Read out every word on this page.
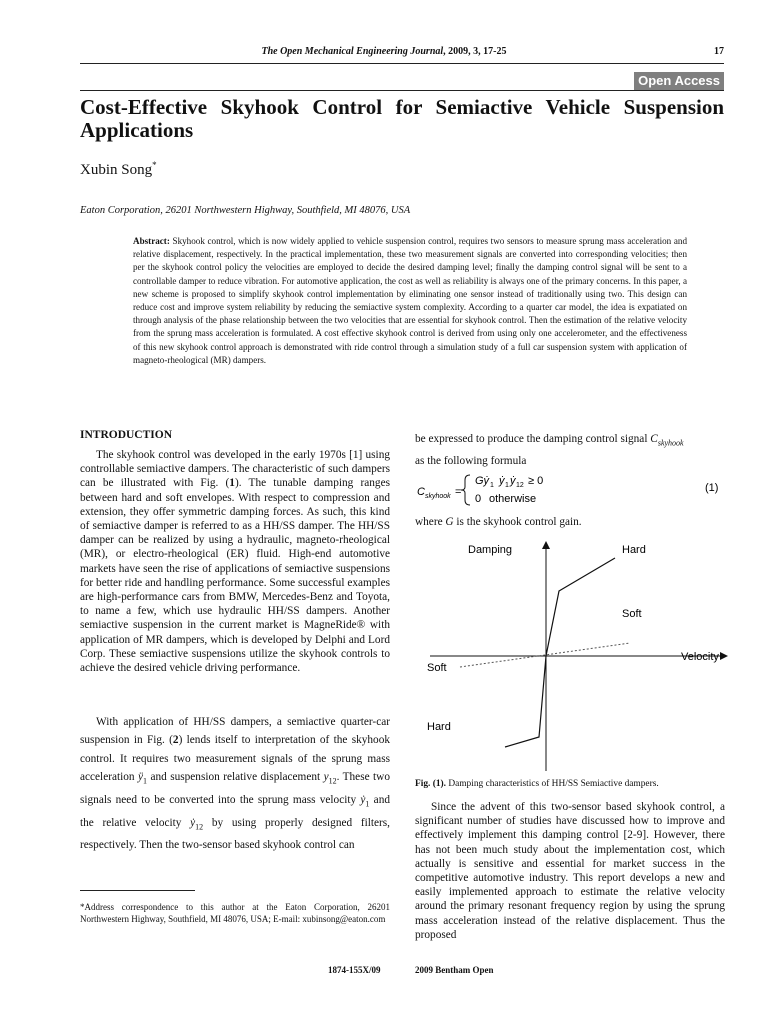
The Open Mechanical Engineering Journal, 2009, 3, 17-25	17
Open Access
Cost-Effective Skyhook Control for Semiactive Vehicle Suspension Applications
Xubin Song*
Eaton Corporation, 26201 Northwestern Highway, Southfield, MI 48076, USA
Abstract: Skyhook control, which is now widely applied to vehicle suspension control, requires two sensors to measure sprung mass acceleration and relative displacement, respectively. In the practical implementation, these two measurement signals are converted into corresponding velocities; then per the skyhook control policy the velocities are employed to decide the desired damping level; finally the damping control signal will be sent to a controllable damper to reduce vibration. For automotive application, the cost as well as reliability is always one of the primary concerns. In this paper, a new scheme is proposed to simplify skyhook control implementation by eliminating one sensor instead of traditionally using two. This design can reduce cost and improve system reliability by reducing the semiactive system complexity. According to a quarter car model, the idea is expatiated on through analysis of the phase relationship between the two velocities that are essential for skyhook control. Then the estimation of the relative velocity from the sprung mass acceleration is formulated. A cost effective skyhook control is derived from using only one accelerometer, and the effectiveness of this new skyhook control approach is demonstrated with ride control through a simulation study of a full car suspension system with application of magneto-rheological (MR) dampers.
INTRODUCTION
The skyhook control was developed in the early 1970s [1] using controllable semiactive dampers. The characteristic of such dampers can be illustrated with Fig. (1). The tunable damping ranges between hard and soft envelopes. With respect to compression and extension, they offer symmetric damping forces. As such, this kind of semiactive damper is referred to as a HH/SS damper. The HH/SS damper can be realized by using a hydraulic, magneto-rheological (MR), or electro-rheological (ER) fluid. High-end automotive markets have seen the rise of applications of semiactive suspensions for better ride and handling performance. Some successful examples are high-performance cars from BMW, Mercedes-Benz and Toyota, to name a few, which use hydraulic HH/SS dampers. Another semiactive suspension in the current market is MagneRide® with application of MR dampers, which is developed by Delphi and Lord Corp. These semiactive suspensions utilize the skyhook controls to achieve the desired vehicle driving performance.
With application of HH/SS dampers, a semiactive quarter-car suspension in Fig. (2) lends itself to interpretation of the skyhook control. It requires two measurement signals of the sprung mass acceleration $ÿ_1$ and suspension relative displacement $y_{12}$. These two signals need to be converted into the sprung mass velocity ẏ$_1$ and the relative velocity ẏ$_{12}$ by using properly designed filters, respectively. Then the two-sensor based skyhook control can
*Address correspondence to this author at the Eaton Corporation, 26201 Northwestern Highway, Southfield, MI 48076, USA; E-mail: xubinsong@eaton.com
be expressed to produce the damping control signal $C_{skyhook}$
as the following formula
C skyhook =
Gẏ 1 ẏ 1 ẏ 12 ≥ 0
0 otherwise
(1)
where G is the skyhook control gain.
Damping	Hard
Soft
Velocity
Soft
Hard
Fig. (1). Damping characteristics of HH/SS Semiactive dampers.
Since the advent of this two-sensor based skyhook control, a significant number of studies have discussed how to improve and effectively implement this damping control [2-9]. However, there has not been much study about the implementation cost, which actually is sensitive and essential for market success in the competitive automotive industry. This report develops a new and easily implemented approach to estimate the relative velocity around the primary resonant frequency region by using the sprung mass acceleration instead of the relative displacement. Thus the proposed
1874-155X/09	2009 Bentham Open
